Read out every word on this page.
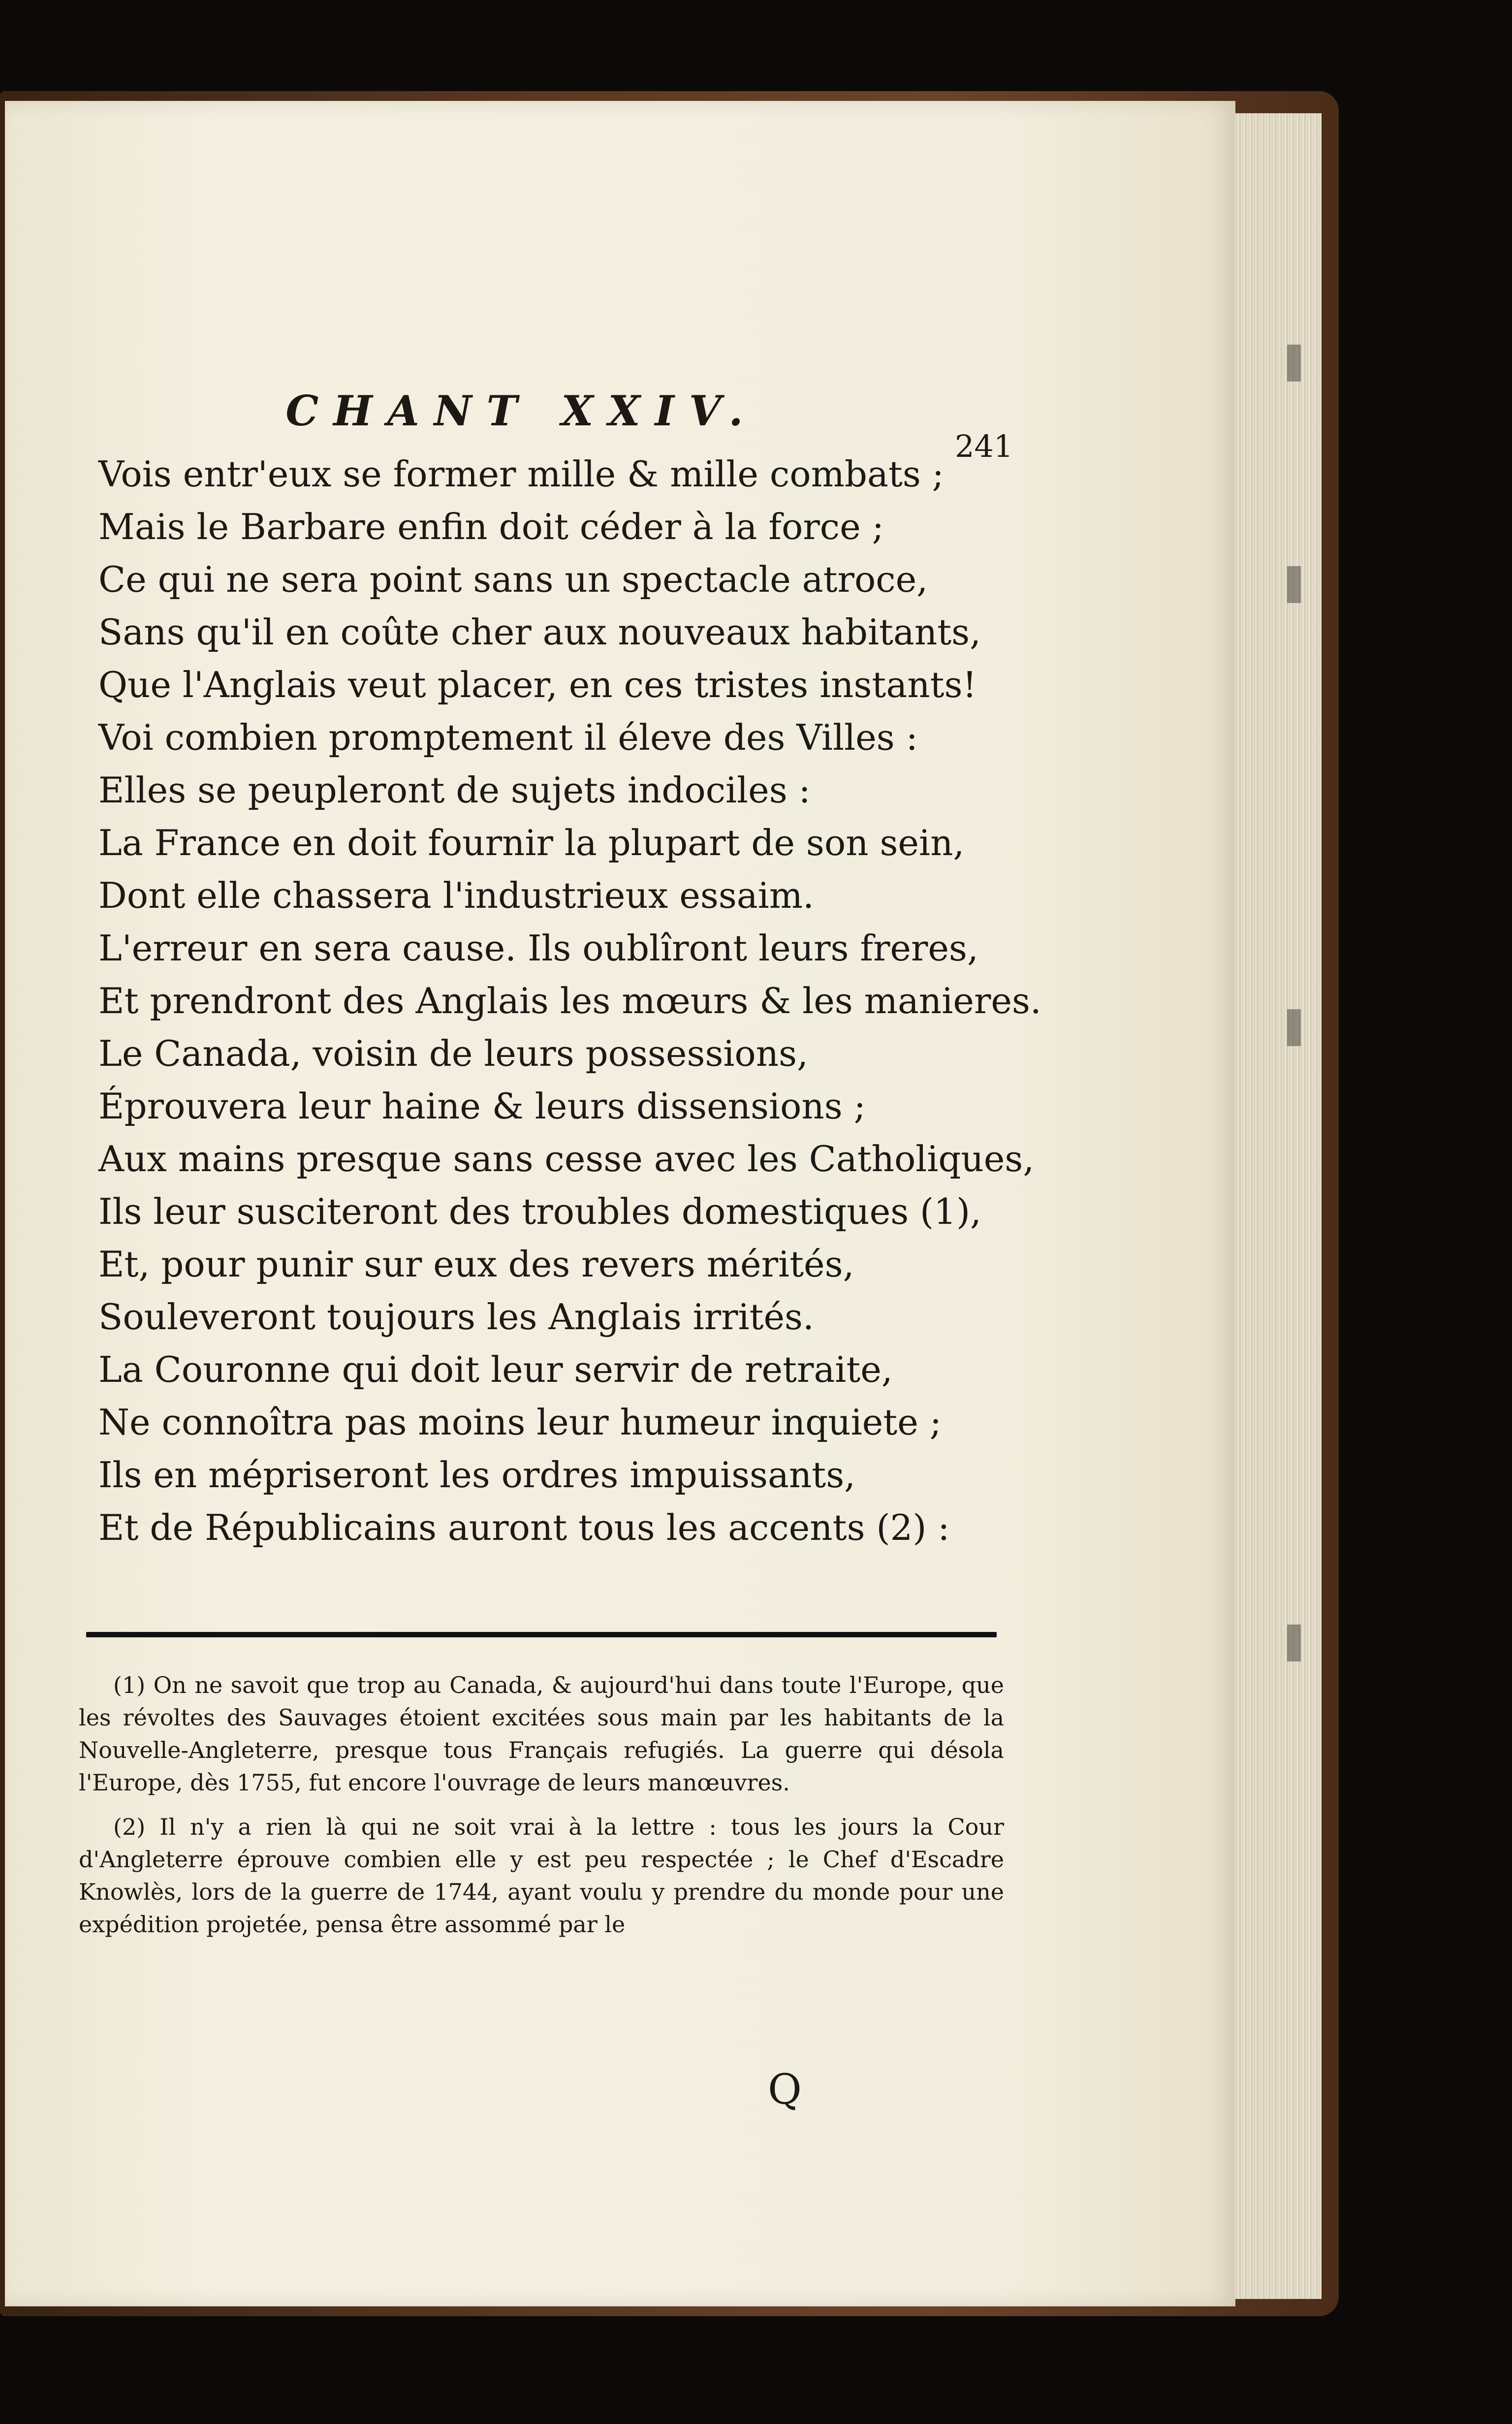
CHANT XXIV.
241
Vois entr'eux se former mille & mille combats ;
Mais le Barbare enfin doit céder à la force ;
Ce qui ne sera point sans un spectacle atroce,
Sans qu'il en coûte cher aux nouveaux habitants,
Que l'Anglais veut placer, en ces tristes instants!
Voi combien promptement il éleve des Villes :
Elles se peupleront de sujets indociles :
La France en doit fournir la plupart de son sein,
Dont elle chassera l'industrieux essaim.
L'erreur en sera cause. Ils oublîront leurs freres,
Et prendront des Anglais les mœurs & les manieres.
Le Canada, voisin de leurs possessions,
Éprouvera leur haine & leurs dissensions ;
Aux mains presque sans cesse avec les Catholiques,
Ils leur susciteront des troubles domestiques (1),
Et, pour punir sur eux des revers mérités,
Souleveront toujours les Anglais irrités.
La Couronne qui doit leur servir de retraite,
Ne connoîtra pas moins leur humeur inquiete ;
Ils en mépriseront les ordres impuissants,
Et de Républicains auront tous les accents (2) :

(1) On ne savoit que trop au Canada, & aujourd'hui dans toute l'Europe, que les révoltes des Sauvages étoient excitées sous main par les habitants de la Nouvelle-Angleterre, presque tous Français refugiés. La guerre qui désola l'Europe, dès 1755, fut encore l'ouvrage de leurs manœuvres.

(2) Il n'y a rien là qui ne soit vrai à la lettre : tous les jours la Cour d'Angleterre éprouve combien elle y est peu respectée ; le Chef d'Escadre Knowlès, lors de la guerre de 1744, ayant voulu y prendre du monde pour une expédition projetée, pensa être assommé par le

Q
